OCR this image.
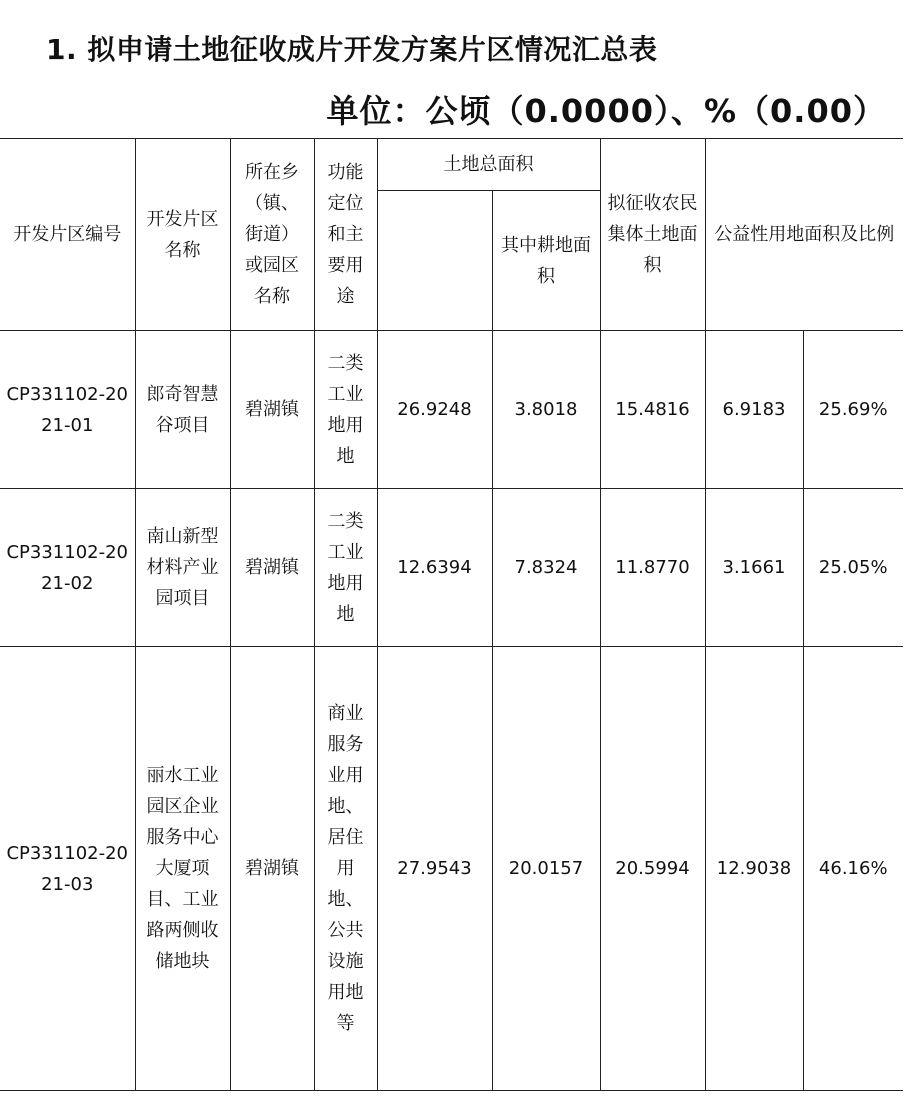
1. 拟申请土地征收成片开发方案片区情况汇总表
单位：公顷（0.0000）、%（0.00）
开发片区编号	开发片区名称	所在乡（镇、街道）或园区名称	功能定位和主要用途	土地总面积		拟征收农民集体土地面积	公益性用地面积及比例	
					其中耕地面积			
CP331102-2021-01	郎奇智慧谷项目	碧湖镇	二类工业地用地	26.9248	3.8018	15.4816	6.9183	25.69%
CP331102-2021-02	南山新型材料产业园项目	碧湖镇	二类工业地用地	12.6394	7.8324	11.8770	3.1661	25.05%
CP331102-2021-03	丽水工业园区企业服务中心大厦项目、工业路两侧收储地块	碧湖镇	商业服务业用地、居住用地、公共设施用地等	27.9543	20.0157	20.5994	12.9038	46.16%
